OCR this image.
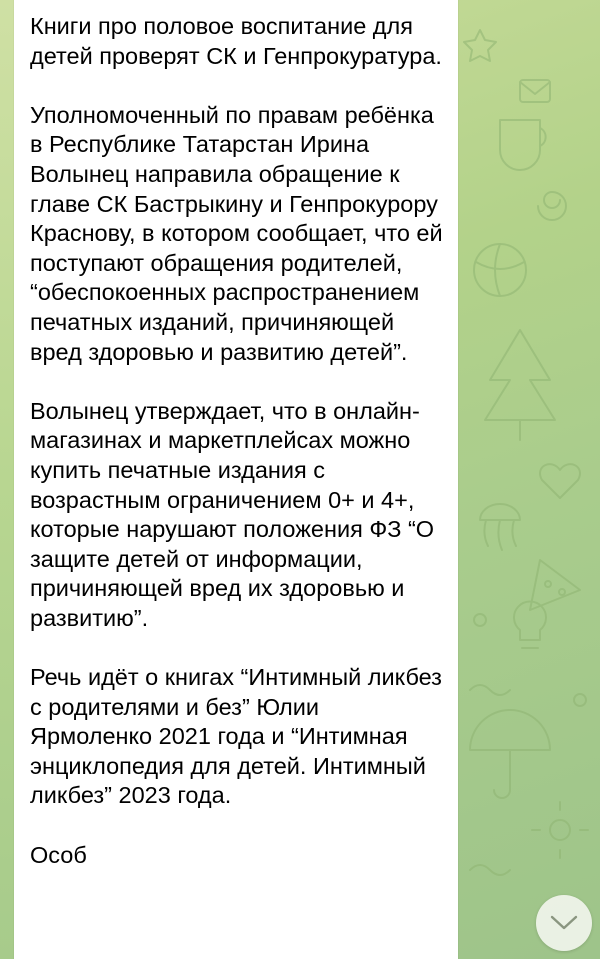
Книги про половое воспитание для детей проверят СК и Генпрокуратура.

Уполномоченный по правам ребёнка в Республике Татарстан Ирина Волынец направила обращение к главе СК Бастрыкину и Генпрокурору Краснову, в котором сообщает, что ей поступают обращения родителей, “обеспокоенных распространением печатных изданий, причиняющей вред здоровью и развитию детей”.

Волынец утверждает, что в онлайн-магазинах и маркетплейсах можно купить печатные издания с возрастным ограничением 0+ и 4+, которые нарушают положения ФЗ “О защите детей от информации, причиняющей вред их здоровью и развитию”.

Речь идёт о книгах “Интимный ликбез с родителями и без” Юлии Ярмоленко 2021 года и “Интимная энциклопедия для детей. Интимный ликбез” 2023 года.

Особ
